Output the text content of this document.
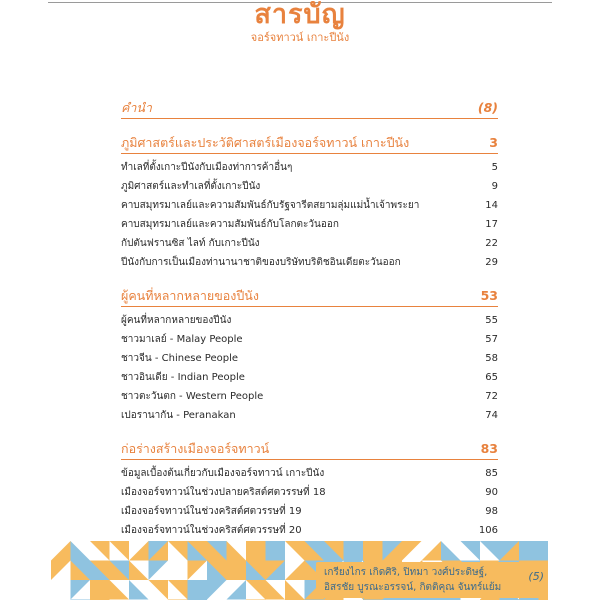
สารบัญ
จอร์จทาวน์ เกาะปีนัง
คำนำ	(8)
ภูมิศาสตร์และประวัติศาสตร์เมืองจอร์จทาวน์ เกาะปีนัง	3
ทำเลที่ตั้งเกาะปีนังกับเมืองท่าการค้าอื่นๆ	5
ภูมิศาสตร์และทำเลที่ตั้งเกาะปีนัง	9
คาบสมุทรมาเลย์และความสัมพันธ์กับรัฐจารีตสยามลุ่มแม่น้ำเจ้าพระยา	14
คาบสมุทรมาเลย์และความสัมพันธ์กับโลกตะวันออก	17
กัปตันฟรานซิส ไลท์ กับเกาะปีนัง	22
ปีนังกับการเป็นเมืองท่านานาชาติของบริษัทบริติชอินเดียตะวันออก	29
ผู้คนที่หลากหลายของปีนัง	53
ผู้คนที่หลากหลายของปีนัง	55
ชาวมาเลย์ - Malay People	57
ชาวจีน - Chinese People	58
ชาวอินเดีย - Indian People	65
ชาวตะวันตก - Western People	72
เปอรานากัน - Peranakan	74
ก่อร่างสร้างเมืองจอร์จทาวน์	83
ข้อมูลเบื้องต้นเกี่ยวกับเมืองจอร์จทาวน์ เกาะปีนัง	85
เมืองจอร์จทาวน์ในช่วงปลายคริสต์ศตวรรษที่ 18	90
เมืองจอร์จทาวน์ในช่วงคริสต์ศตวรรษที่ 19	98
เมืองจอร์จทาวน์ในช่วงคริสต์ศตวรรษที่ 20	106
เกรียงไกร เกิดศิริ, ปิทมา วงศ์ประดิษฐ์,
อิสรชัย บูรณะอรรจน์, กิตติคุณ จันทร์แย้ม
(5)
